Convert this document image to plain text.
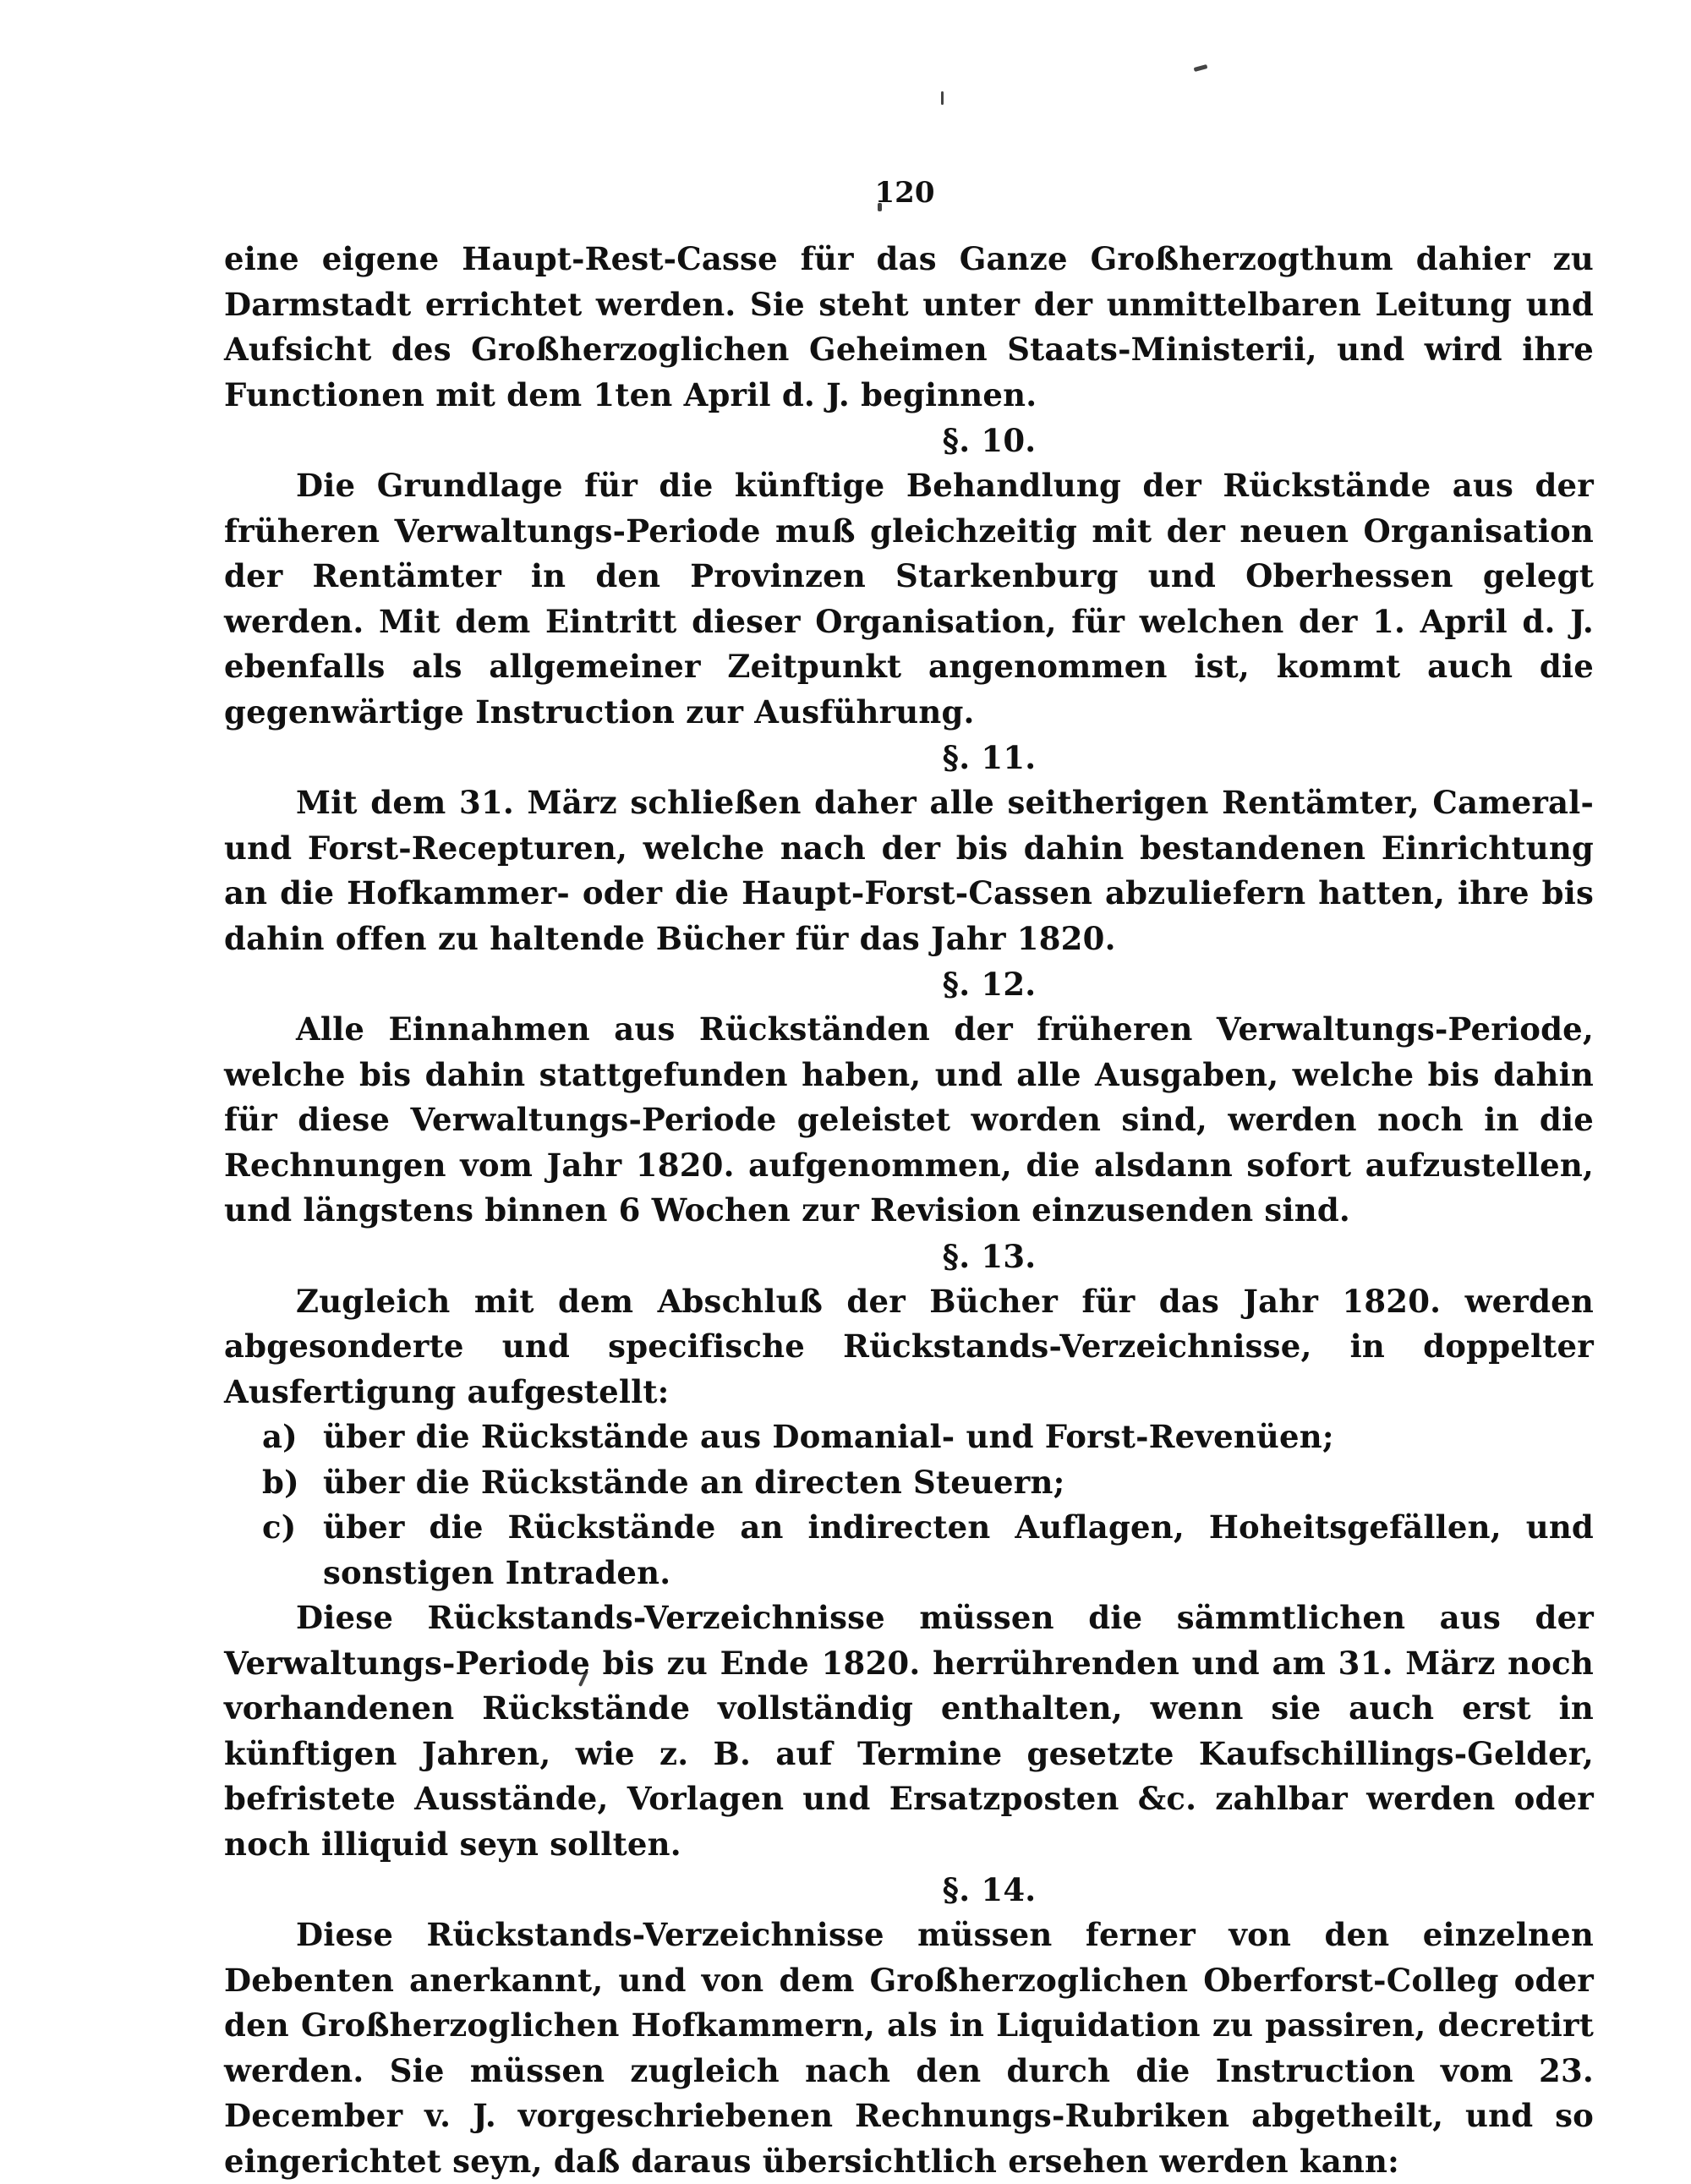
120

eine eigene Haupt-Rest-Casse für das Ganze Großherzogthum dahier zu Darmstadt errichtet werden. Sie steht unter der unmittelbaren Leitung und Aufsicht des Großherzoglichen Geheimen Staats-Ministerii, und wird ihre Functionen mit dem 1ten April d. J. beginnen.

§. 10.

Die Grundlage für die künftige Behandlung der Rückstände aus der früheren Verwaltungs-Periode muß gleichzeitig mit der neuen Organisation der Rentämter in den Provinzen Starkenburg und Oberhessen gelegt werden. Mit dem Eintritt dieser Organisation, für welchen der 1. April d. J. ebenfalls als allgemeiner Zeitpunkt angenommen ist, kommt auch die gegenwärtige Instruction zur Ausführung.

§. 11.

Mit dem 31. März schließen daher alle seitherigen Rentämter, Cameral- und Forst-Recepturen, welche nach der bis dahin bestandenen Einrichtung an die Hofkammer- oder die Haupt-Forst-Cassen abzuliefern hatten, ihre bis dahin offen zu haltende Bücher für das Jahr 1820.

§. 12.

Alle Einnahmen aus Rückständen der früheren Verwaltungs-Periode, welche bis dahin stattgefunden haben, und alle Ausgaben, welche bis dahin für diese Verwaltungs-Periode geleistet worden sind, werden noch in die Rechnungen vom Jahr 1820. aufgenommen, die alsdann sofort aufzustellen, und längstens binnen 6 Wochen zur Revision einzusenden sind.

§. 13.

Zugleich mit dem Abschluß der Bücher für das Jahr 1820. werden abgesonderte und specifische Rückstands-Verzeichnisse, in doppelter Ausfertigung aufgestellt:

a) über die Rückstände aus Domanial- und Forst-Revenüen;
b) über die Rückstände an directen Steuern;
c) über die Rückstände an indirecten Auflagen, Hoheitsgefällen, und sonstigen Intraden.

Diese Rückstands-Verzeichnisse müssen die sämmtlichen aus der Verwaltungs-Periode bis zu Ende 1820. herrührenden und am 31. März noch vorhandenen Rückstände vollständig enthalten, wenn sie auch erst in künftigen Jahren, wie z. B. auf Termine gesetzte Kaufschillings-Gelder, befristete Ausstände, Vorlagen und Ersatzposten &c. zahlbar werden oder noch illiquid seyn sollten.

§. 14.

Diese Rückstands-Verzeichnisse müssen ferner von den einzelnen Debenten anerkannt, und von dem Großherzoglichen Oberforst-Colleg oder den Großherzoglichen Hofkammern, als in Liquidation zu passiren, decretirt werden. Sie müssen zugleich nach den durch die Instruction vom 23. December v. J. vorgeschriebenen Rechnungs-Rubriken abgetheilt, und so eingerichtet seyn, daß daraus übersichtlich ersehen werden kann:
